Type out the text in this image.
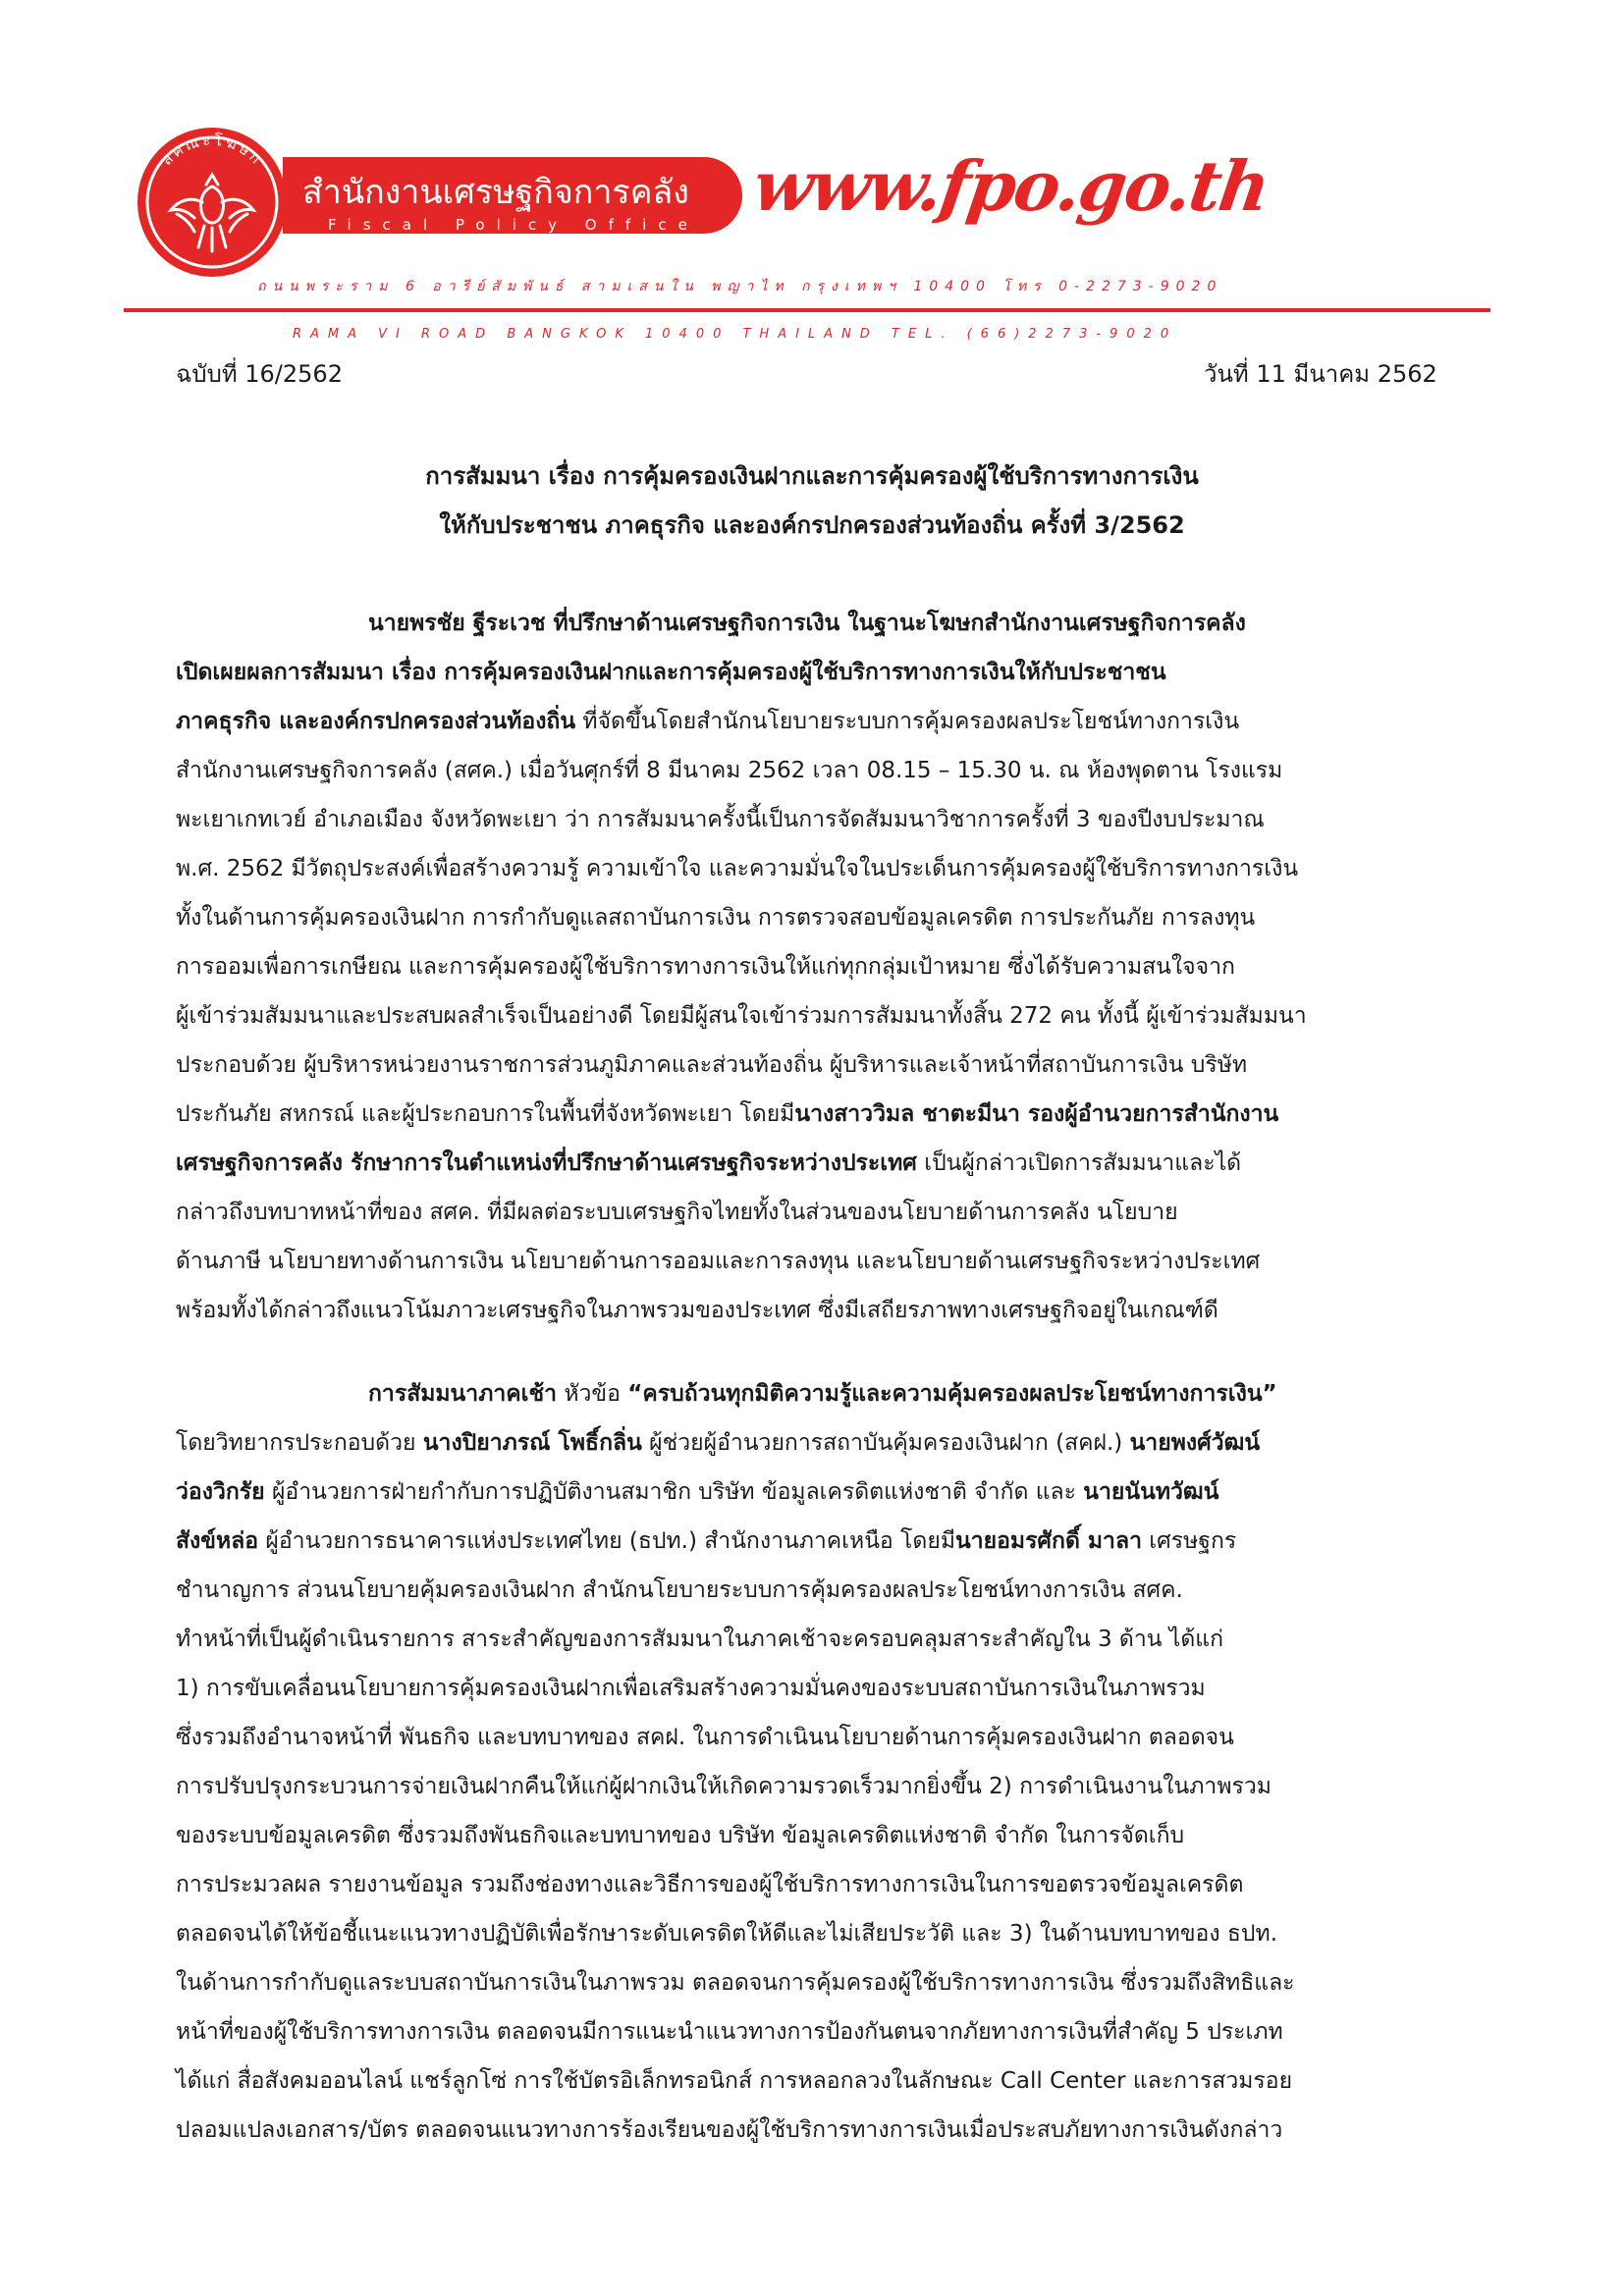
ลคณะโฆษก
สำนักงานเศรษฐกิจการคลัง
Fiscal Policy Office www.fpo.go.th
ถนนพระราม 6 อารีย์สัมพันธ์ สามเสนใน พญาไท กรุงเทพฯ 10400 โทร 0-2273-9020
RAMA VI ROAD BANGKOK 10400 THAILAND TEL. (66)2273-9020
ฉบับที่ 16/2562	วันที่ 11 มีนาคม 2562
การสัมมนา เรื่อง การคุ้มครองเงินฝากและการคุ้มครองผู้ใช้บริการทางการเงิน
ให้กับประชาชน ภาคธุรกิจ และองค์กรปกครองส่วนท้องถิ่น ครั้งที่ 3/2562
นายพรชัย ฐีระเวช ที่ปรึกษาด้านเศรษฐกิจการเงิน ในฐานะโฆษกสำนักงานเศรษฐกิจการคลัง
เปิดเผยผลการสัมมนา เรื่อง การคุ้มครองเงินฝากและการคุ้มครองผู้ใช้บริการทางการเงินให้กับประชาชน
ภาคธุรกิจ และองค์กรปกครองส่วนท้องถิ่น ที่จัดขึ้นโดยสำนักนโยบายระบบการคุ้มครองผลประโยชน์ทางการเงิน
สำนักงานเศรษฐกิจการคลัง (สศค.) เมื่อวันศุกร์ที่ 8 มีนาคม 2562 เวลา 08.15 – 15.30 น. ณ ห้องพุดตาน โรงแรม
พะเยาเกทเวย์ อำเภอเมือง จังหวัดพะเยา ว่า การสัมมนาครั้งนี้เป็นการจัดสัมมนาวิชาการครั้งที่ 3 ของปีงบประมาณ
พ.ศ. 2562 มีวัตถุประสงค์เพื่อสร้างความรู้ ความเข้าใจ และความมั่นใจในประเด็นการคุ้มครองผู้ใช้บริการทางการเงิน
ทั้งในด้านการคุ้มครองเงินฝาก การกำกับดูแลสถาบันการเงิน การตรวจสอบข้อมูลเครดิต การประกันภัย การลงทุน
การออมเพื่อการเกษียณ และการคุ้มครองผู้ใช้บริการทางการเงินให้แก่ทุกกลุ่มเป้าหมาย ซึ่งได้รับความสนใจจาก
ผู้เข้าร่วมสัมมนาและประสบผลสำเร็จเป็นอย่างดี โดยมีผู้สนใจเข้าร่วมการสัมมนาทั้งสิ้น 272 คน ทั้งนี้ ผู้เข้าร่วมสัมมนา
ประกอบด้วย ผู้บริหารหน่วยงานราชการส่วนภูมิภาคและส่วนท้องถิ่น ผู้บริหารและเจ้าหน้าที่สถาบันการเงิน บริษัท
ประกันภัย สหกรณ์ และผู้ประกอบการในพื้นที่จังหวัดพะเยา โดยมีนางสาววิมล ชาตะมีนา รองผู้อำนวยการสำนักงาน
เศรษฐกิจการคลัง รักษาการในตำแหน่งที่ปรึกษาด้านเศรษฐกิจระหว่างประเทศ เป็นผู้กล่าวเปิดการสัมมนาและได้
กล่าวถึงบทบาทหน้าที่ของ สศค. ที่มีผลต่อระบบเศรษฐกิจไทยทั้งในส่วนของนโยบายด้านการคลัง นโยบาย
ด้านภาษี นโยบายทางด้านการเงิน นโยบายด้านการออมและการลงทุน และนโยบายด้านเศรษฐกิจระหว่างประเทศ
พร้อมทั้งได้กล่าวถึงแนวโน้มภาวะเศรษฐกิจในภาพรวมของประเทศ ซึ่งมีเสถียรภาพทางเศรษฐกิจอยู่ในเกณฑ์ดี
การสัมมนาภาคเช้า หัวข้อ “ครบถ้วนทุกมิติความรู้และความคุ้มครองผลประโยชน์ทางการเงิน”
โดยวิทยากรประกอบด้วย นางปิยาภรณ์ โพธิ์กลิ่น ผู้ช่วยผู้อำนวยการสถาบันคุ้มครองเงินฝาก (สคฝ.) นายพงศ์วัฒน์
ว่องวิกรัย ผู้อำนวยการฝ่ายกำกับการปฏิบัติงานสมาชิก บริษัท ข้อมูลเครดิตแห่งชาติ จำกัด และ นายนันทวัฒน์
สังข์หล่อ ผู้อำนวยการธนาคารแห่งประเทศไทย (ธปท.) สำนักงานภาคเหนือ โดยมีนายอมรศักดิ์ มาลา เศรษฐกร
ชำนาญการ ส่วนนโยบายคุ้มครองเงินฝาก สำนักนโยบายระบบการคุ้มครองผลประโยชน์ทางการเงิน สศค.
ทำหน้าที่เป็นผู้ดำเนินรายการ สาระสำคัญของการสัมมนาในภาคเช้าจะครอบคลุมสาระสำคัญใน 3 ด้าน ได้แก่
1) การขับเคลื่อนนโยบายการคุ้มครองเงินฝากเพื่อเสริมสร้างความมั่นคงของระบบสถาบันการเงินในภาพรวม
ซึ่งรวมถึงอำนาจหน้าที่ พันธกิจ และบทบาทของ สคฝ. ในการดำเนินนโยบายด้านการคุ้มครองเงินฝาก ตลอดจน
การปรับปรุงกระบวนการจ่ายเงินฝากคืนให้แก่ผู้ฝากเงินให้เกิดความรวดเร็วมากยิ่งขึ้น 2) การดำเนินงานในภาพรวม
ของระบบข้อมูลเครดิต ซึ่งรวมถึงพันธกิจและบทบาทของ บริษัท ข้อมูลเครดิตแห่งชาติ จำกัด ในการจัดเก็บ
การประมวลผล รายงานข้อมูล รวมถึงช่องทางและวิธีการของผู้ใช้บริการทางการเงินในการขอตรวจข้อมูลเครดิต
ตลอดจนได้ให้ข้อชี้แนะแนวทางปฏิบัติเพื่อรักษาระดับเครดิตให้ดีและไม่เสียประวัติ และ 3) ในด้านบทบาทของ ธปท.
ในด้านการกำกับดูแลระบบสถาบันการเงินในภาพรวม ตลอดจนการคุ้มครองผู้ใช้บริการทางการเงิน ซึ่งรวมถึงสิทธิและ
หน้าที่ของผู้ใช้บริการทางการเงิน ตลอดจนมีการแนะนำแนวทางการป้องกันตนจากภัยทางการเงินที่สำคัญ 5 ประเภท
ได้แก่ สื่อสังคมออนไลน์ แชร์ลูกโซ่ การใช้บัตรอิเล็กทรอนิกส์ การหลอกลวงในลักษณะ Call Center และการสวมรอย
ปลอมแปลงเอกสาร/บัตร ตลอดจนแนวทางการร้องเรียนของผู้ใช้บริการทางการเงินเมื่อประสบภัยทางการเงินดังกล่าว
